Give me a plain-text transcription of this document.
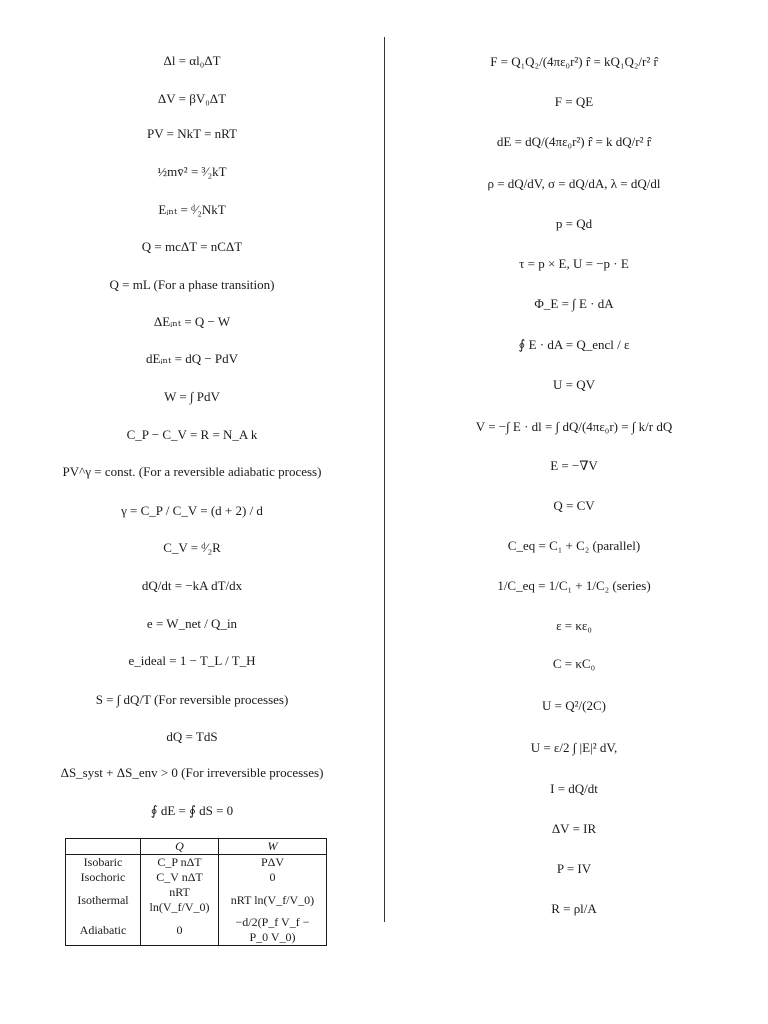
Δl = αl₀ΔT
ΔV = βV₀ΔT
PV = NkT = nRT
½mv̄² = ³⁄₂kT
Eᵢₙₜ = ᵈ⁄₂NkT
Q = mcΔT = nCΔT
Q = mL (For a phase transition)
ΔEᵢₙₜ = Q − W
dEᵢₙₜ = dQ − PdV
W = ∫ PdV
C_P − C_V = R = N_A k
PV^γ = const. (For a reversible adiabatic process)
γ = C_P / C_V = (d + 2) / d
C_V = ᵈ⁄₂R
dQ/dt = −kA dT/dx
e = W_net / Q_in
e_ideal = 1 − T_L / T_H
S = ∫ dQ/T (For reversible processes)
dQ = TdS
ΔS_syst + ΔS_env > 0 (For irreversible processes)
∮ dE = ∮ dS = 0
F = Q₁Q₂/(4πε₀r²) r̂ = kQ₁Q₂/r² r̂
F = QE
dE = dQ/(4πε₀r²) r̂ = k dQ/r² r̂
ρ = dQ/dV, σ = dQ/dA, λ = dQ/dl
p = Qd
τ = p × E, U = −p · E
Φ_E = ∫ E · dA
∮ E · dA = Q_encl / ε
U = QV
V = −∫ E · dl = ∫ dQ/(4πε₀r) = ∫ k/r dQ
E = −∇V
Q = CV
C_eq = C₁ + C₂ (parallel)
1/C_eq = 1/C₁ + 1/C₂ (series)
ε = κε₀
C = κC₀
U = Q²/(2C)
U = ε/2 ∫ |E|² dV,
I = dQ/dt
ΔV = IR
P = IV
R = ρl/A
	Q	W
Isobaric	C_P nΔT	PΔV
Isochoric	C_V nΔT	0
Isothermal	nRT ln(V_f/V_0)	nRT ln(V_f/V_0)
Adiabatic	0	−d/2(P_f V_f − P_0 V_0)
